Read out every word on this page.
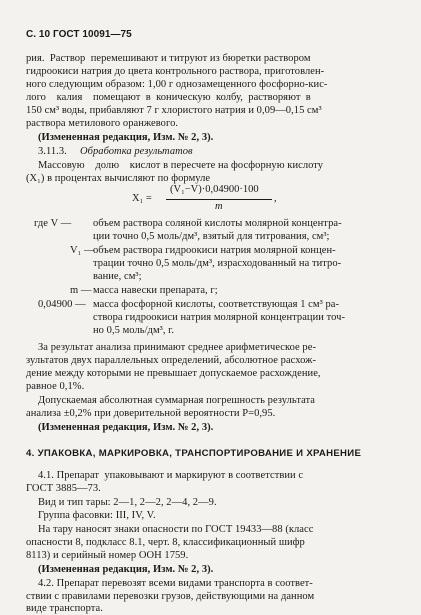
С. 10 ГОСТ 10091—75
рия.  Раствор  перемешивают и титруют из бюретки раствором
гидроокиси натрия до цвета контрольного раствора, приготовлен-
ного следующим образом: 1,00 г однозамещенного фосфорно-кис-
лого    калия    помещают  в  коническую  колбу,  растворяют  в
150 см³ воды, прибавляют 7 г хлористого натрия и 0,09—0,15 см³
раствора метилового оранжевого.
(Измененная редакция, Изм. № 2, 3).
3.11.3. Обработка результатов
Массовую    долю    кислот в пересчете на фосфорную кислоту
(X₁) в процентах вычисляют по формуле
X₁ =
(V₁−V)·0,04900·100
m
,
где V — объем раствора соляной кислоты молярной концентра-
ции точно 0,5 моль/дм³, взятый для титрования, см³;
V₁ —
объем раствора гидроокиси натрия молярной концен-
трации точно 0,5 моль/дм³, израсходованный на титро-
вание, см³;
m — масса навески препарата, г;
0,04900 — масса фосфорной кислоты, соответствующая 1 см³ ра-
створа гидроокиси натрия молярной концентрации точ-
но 0,5 моль/дм³, г.
За результат анализа принимают среднее арифметическое ре-
зультатов двух параллельных определений, абсолютное расхож-
дение между которыми не превышает допускаемое расхождение,
равное 0,1%.
Допускаемая абсолютная суммарная погрешность результата
анализа ±0,2% при доверительной вероятности P=0,95.
(Измененная редакция, Изм. № 2, 3).
4. УПАКОВКА, МАРКИРОВКА, ТРАНСПОРТИРОВАНИЕ И ХРАНЕНИЕ
4.1. Препарат  упаковывают и маркируют в соответствии с
ГОСТ 3885—73.
Вид и тип тары: 2—1, 2—2, 2—4, 2—9.
Группа фасовки: III, IV, V.
На тару наносят знаки опасности по ГОСТ 19433—88 (класс
опасности 8, подкласс 8.1, черт. 8, классификационный шифр
8113) и серийный номер ООН 1759.
(Измененная редакция, Изм. № 2, 3).
4.2. Препарат перевозят всеми видами транспорта в соответ-
ствии с правилами перевозки грузов, действующими на данном
виде транспорта.
